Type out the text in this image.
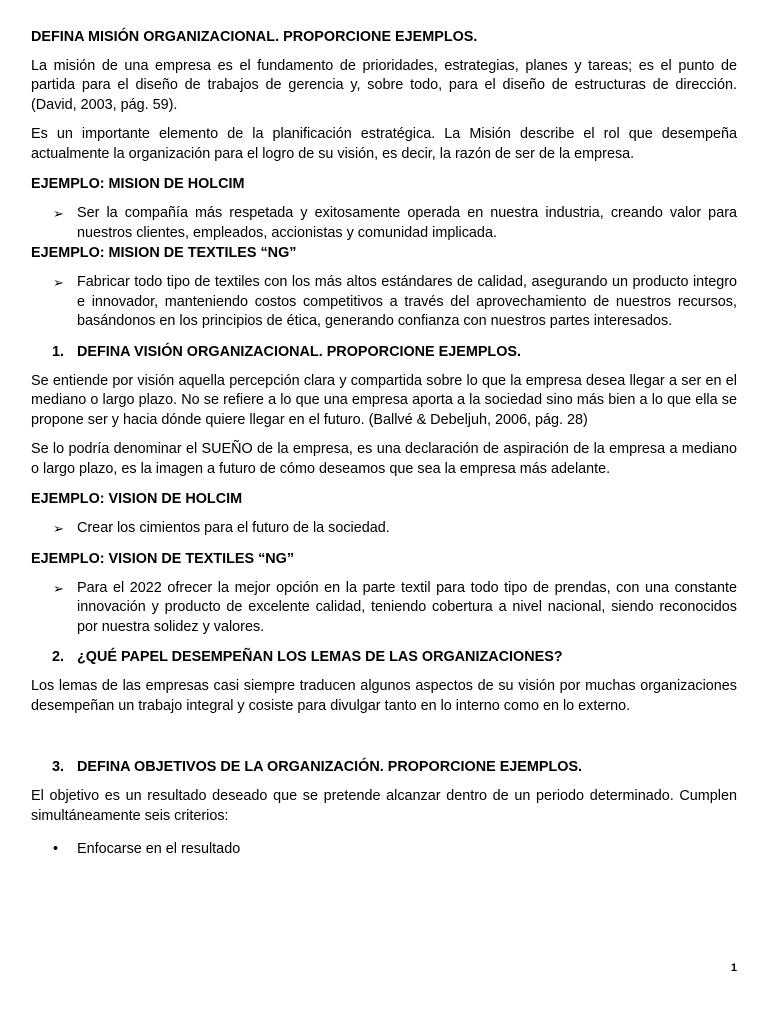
DEFINA MISIÓN ORGANIZACIONAL. PROPORCIONE EJEMPLOS.

La misión de una empresa es el fundamento de prioridades, estrategias, planes y tareas; es el punto de partida para el diseño de trabajos de gerencia y, sobre todo, para el diseño de estructuras de dirección. (David, 2003, pág. 59).

Es un importante elemento de la planificación estratégica. La Misión describe el rol que desempeña actualmente la organización para el logro de su visión, es decir, la razón de ser de la empresa.

EJEMPLO: MISION DE HOLCIM

➢ Ser la compañía más respetada y exitosamente operada en nuestra industria, creando valor para nuestros clientes, empleados, accionistas y comunidad implicada.

EJEMPLO: MISION DE TEXTILES “NG”

➢ Fabricar todo tipo de textiles con los más altos estándares de calidad, asegurando un producto integro e innovador, manteniendo costos competitivos a través del aprovechamiento de nuestros recursos, basándonos en los principios de ética, generando confianza con nuestros partes interesados.
1. DEFINA VISIÓN ORGANIZACIONAL. PROPORCIONE EJEMPLOS.

Se entiende por visión aquella percepción clara y compartida sobre lo que la empresa desea llegar a ser en el mediano o largo plazo. No se refiere a lo que una empresa aporta a la sociedad sino más bien a lo que ella se propone ser y hacia dónde quiere llegar en el futuro. (Ballvé & Debeljuh, 2006, pág. 28)

Se lo podría denominar el SUEÑO de la empresa, es una declaración de aspiración de la empresa a mediano o largo plazo, es la imagen a futuro de cómo deseamos que sea la empresa más adelante.

EJEMPLO: VISION DE HOLCIM

➢ Crear los cimientos para el futuro de la sociedad.

EJEMPLO: VISION DE TEXTILES “NG”

➢ Para el 2022 ofrecer la mejor opción en la parte textil para todo tipo de prendas, con una constante innovación y producto de excelente calidad, teniendo cobertura a nivel nacional, siendo reconocidos por nuestra solidez y valores.
2. ¿QUÉ PAPEL DESEMPEÑAN LOS LEMAS DE LAS ORGANIZACIONES?

Los lemas de las empresas casi siempre traducen algunos aspectos de su visión por muchas organizaciones desempeñan un trabajo integral y cosiste para divulgar tanto en lo interno como en lo externo.

3. DEFINA OBJETIVOS DE LA ORGANIZACIÓN. PROPORCIONE EJEMPLOS.

El objetivo es un resultado deseado que se pretende alcanzar dentro de un periodo determinado. Cumplen simultáneamente seis criterios:

• Enfocarse en el resultado
1
